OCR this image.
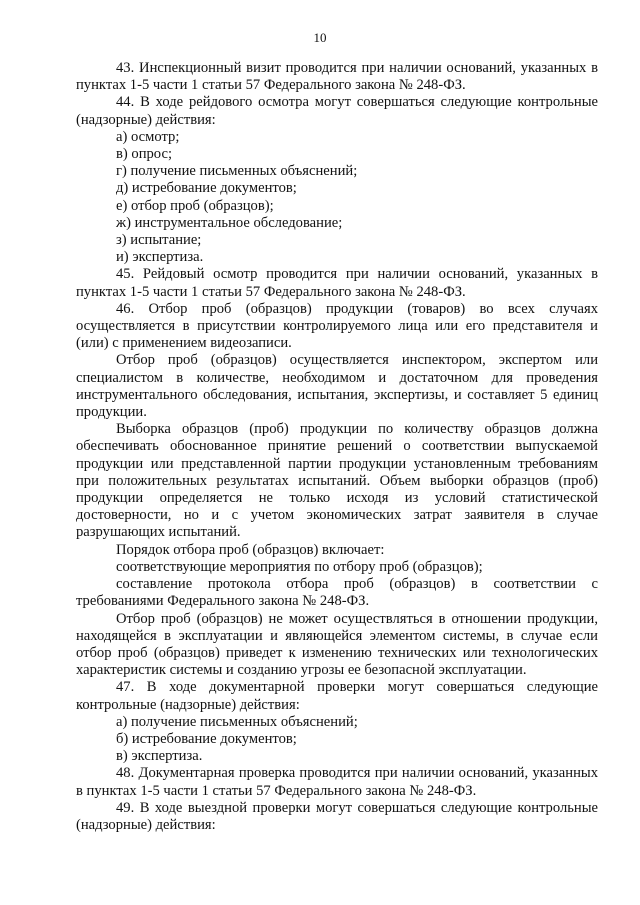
10

43. Инспекционный визит проводится при наличии оснований, указанных в пунктах 1-5 части 1 статьи 57 Федерального закона № 248-ФЗ.

44. В ходе рейдового осмотра могут совершаться следующие контрольные (надзорные) действия:

а) осмотр;

в) опрос;

г) получение письменных объяснений;

д) истребование документов;

е) отбор проб (образцов);

ж) инструментальное обследование;

з) испытание;

и) экспертиза.

45. Рейдовый осмотр проводится при наличии оснований, указанных в пунктах 1-5 части 1 статьи 57 Федерального закона № 248-ФЗ.

46. Отбор проб (образцов) продукции (товаров) во всех случаях осуществляется в присутствии контролируемого лица или его представителя и (или) с применением видеозаписи.

Отбор проб (образцов) осуществляется инспектором, экспертом или специалистом в количестве, необходимом и достаточном для проведения инструментального обследования, испытания, экспертизы, и составляет 5 единиц продукции.

Выборка образцов (проб) продукции по количеству образцов должна обеспечивать обоснованное принятие решений о соответствии выпускаемой продукции или представленной партии продукции установленным требованиям при положительных результатах испытаний. Объем выборки образцов (проб) продукции определяется не только исходя из условий статистической достоверности, но и с учетом экономических затрат заявителя в случае разрушающих испытаний.

Порядок отбора проб (образцов) включает:

соответствующие мероприятия по отбору проб (образцов);

составление протокола отбора проб (образцов) в соответствии с требованиями Федерального закона № 248-ФЗ.

Отбор проб (образцов) не может осуществляться в отношении продукции, находящейся в эксплуатации и являющейся элементом системы, в случае если отбор проб (образцов) приведет к изменению технических или технологических характеристик системы и созданию угрозы ее безопасной эксплуатации.

47. В ходе документарной проверки могут совершаться следующие контрольные (надзорные) действия:

а) получение письменных объяснений;

б) истребование документов;

в) экспертиза.

48. Документарная проверка проводится при наличии оснований, указанных в пунктах 1-5 части 1 статьи 57 Федерального закона № 248-ФЗ.

49. В ходе выездной проверки могут совершаться следующие контрольные (надзорные) действия:
